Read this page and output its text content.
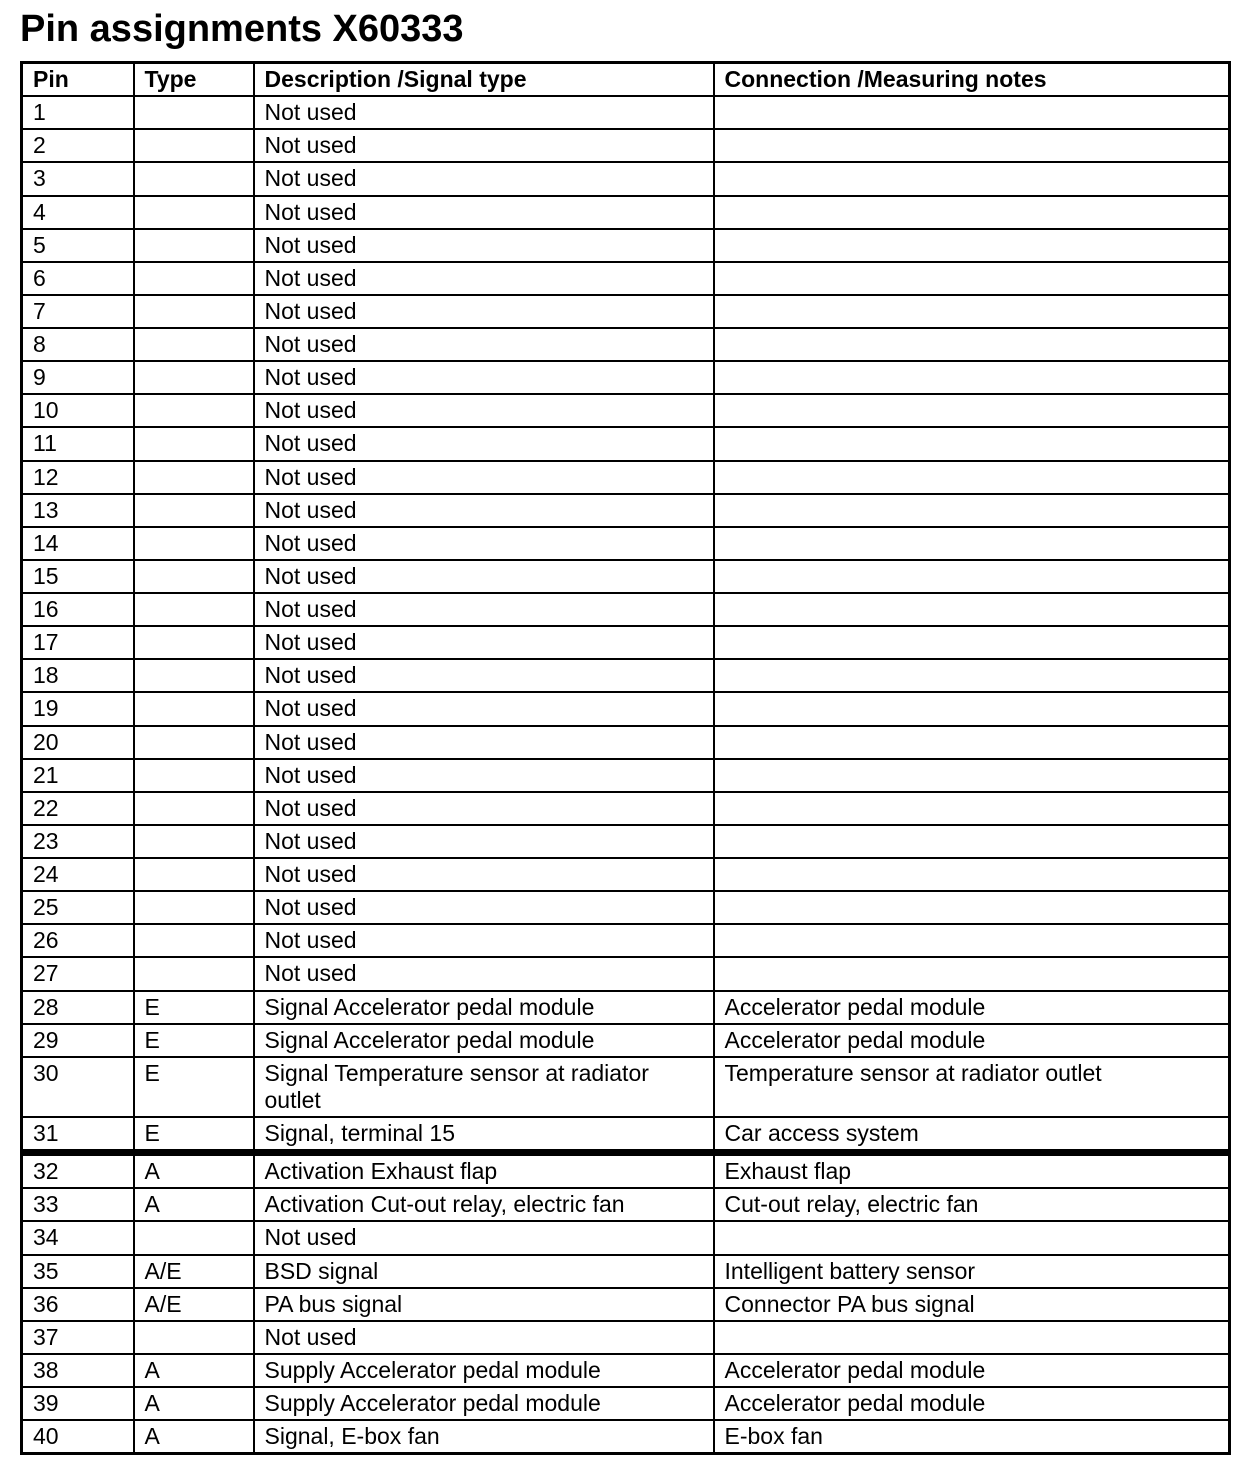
Pin assignments X60333
Pin	Type	Description /Signal type	Connection /Measuring notes
1		Not used	
2		Not used	
3		Not used	
4		Not used	
5		Not used	
6		Not used	
7		Not used	
8		Not used	
9		Not used	
10		Not used	
11		Not used	
12		Not used	
13		Not used	
14		Not used	
15		Not used	
16		Not used	
17		Not used	
18		Not used	
19		Not used	
20		Not used	
21		Not used	
22		Not used	
23		Not used	
24		Not used	
25		Not used	
26		Not used	
27		Not used	
28	E	Signal Accelerator pedal module	Accelerator pedal module
29	E	Signal Accelerator pedal module	Accelerator pedal module
30	E	Signal Temperature sensor at radiator outlet	Temperature sensor at radiator outlet
31	E	Signal, terminal 15	Car access system
32	A	Activation Exhaust flap	Exhaust flap
33	A	Activation Cut-out relay, electric fan	Cut-out relay, electric fan
34		Not used	
35	A/E	BSD signal	Intelligent battery sensor
36	A/E	PA bus signal	Connector PA bus signal
37		Not used	
38	A	Supply Accelerator pedal module	Accelerator pedal module
39	A	Supply Accelerator pedal module	Accelerator pedal module
40	A	Signal, E-box fan	E-box fan
